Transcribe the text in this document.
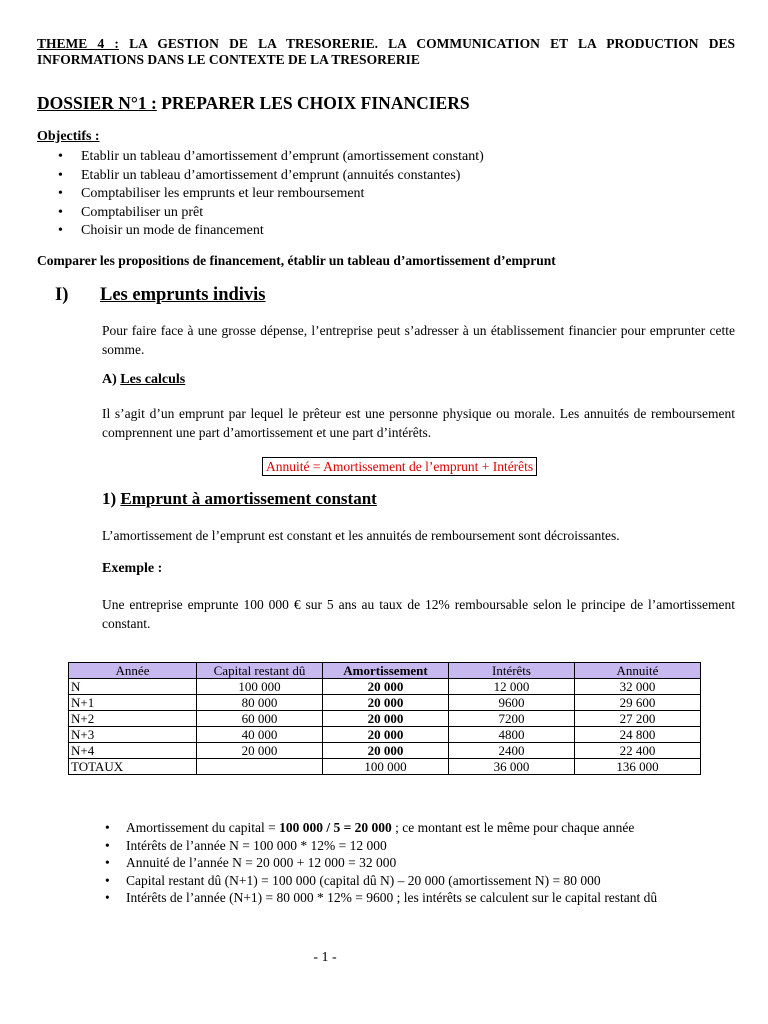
THEME 4 : LA GESTION DE LA TRESORERIE. LA COMMUNICATION ET LA PRODUCTION DES INFORMATIONS DANS LE CONTEXTE DE LA TRESORERIE
DOSSIER N°1 : PREPARER LES CHOIX FINANCIERS
Objectifs :
• Etablir un tableau d’amortissement d’emprunt (amortissement constant)
• Etablir un tableau d’amortissement d’emprunt (annuités constantes)
• Comptabiliser les emprunts et leur remboursement
• Comptabiliser un prêt
• Choisir un mode de financement
Comparer les propositions de financement, établir un tableau d’amortissement d’emprunt
I) Les emprunts indivis
Pour faire face à une grosse dépense, l’entreprise peut s’adresser à un établissement financier pour emprunter cette somme.
A) Les calculs
Il s’agit d’un emprunt par lequel le prêteur est une personne physique ou morale. Les annuités de remboursement comprennent une part d’amortissement et une part d’intérêts.
Annuité = Amortissement de l’emprunt + Intérêts
1) Emprunt à amortissement constant
L’amortissement de l’emprunt est constant et les annuités de remboursement sont décroissantes.
Exemple :
Une entreprise emprunte 100 000 € sur 5 ans au taux de 12% remboursable selon le principe de l’amortissement constant.
Année	Capital restant dû	Amortissement	Intérêts	Annuité
N	100 000	20 000	12 000	32 000
N+1	80 000	20 000	9600	29 600
N+2	60 000	20 000	7200	27 200
N+3	40 000	20 000	4800	24 800
N+4	20 000	20 000	2400	22 400
TOTAUX		100 000	36 000	136 000
• Amortissement du capital = 100 000 / 5 = 20 000 ; ce montant est le même pour chaque année
• Intérêts de l’année N = 100 000 * 12% = 12 000
• Annuité de l’année N = 20 000 + 12 000 = 32 000
• Capital restant dû (N+1) = 100 000 (capital dû N) – 20 000 (amortissement N) = 80 000
• Intérêts de l’année (N+1) = 80 000 * 12% = 9600 ; les intérêts se calculent sur le capital restant dû
- 1 -
